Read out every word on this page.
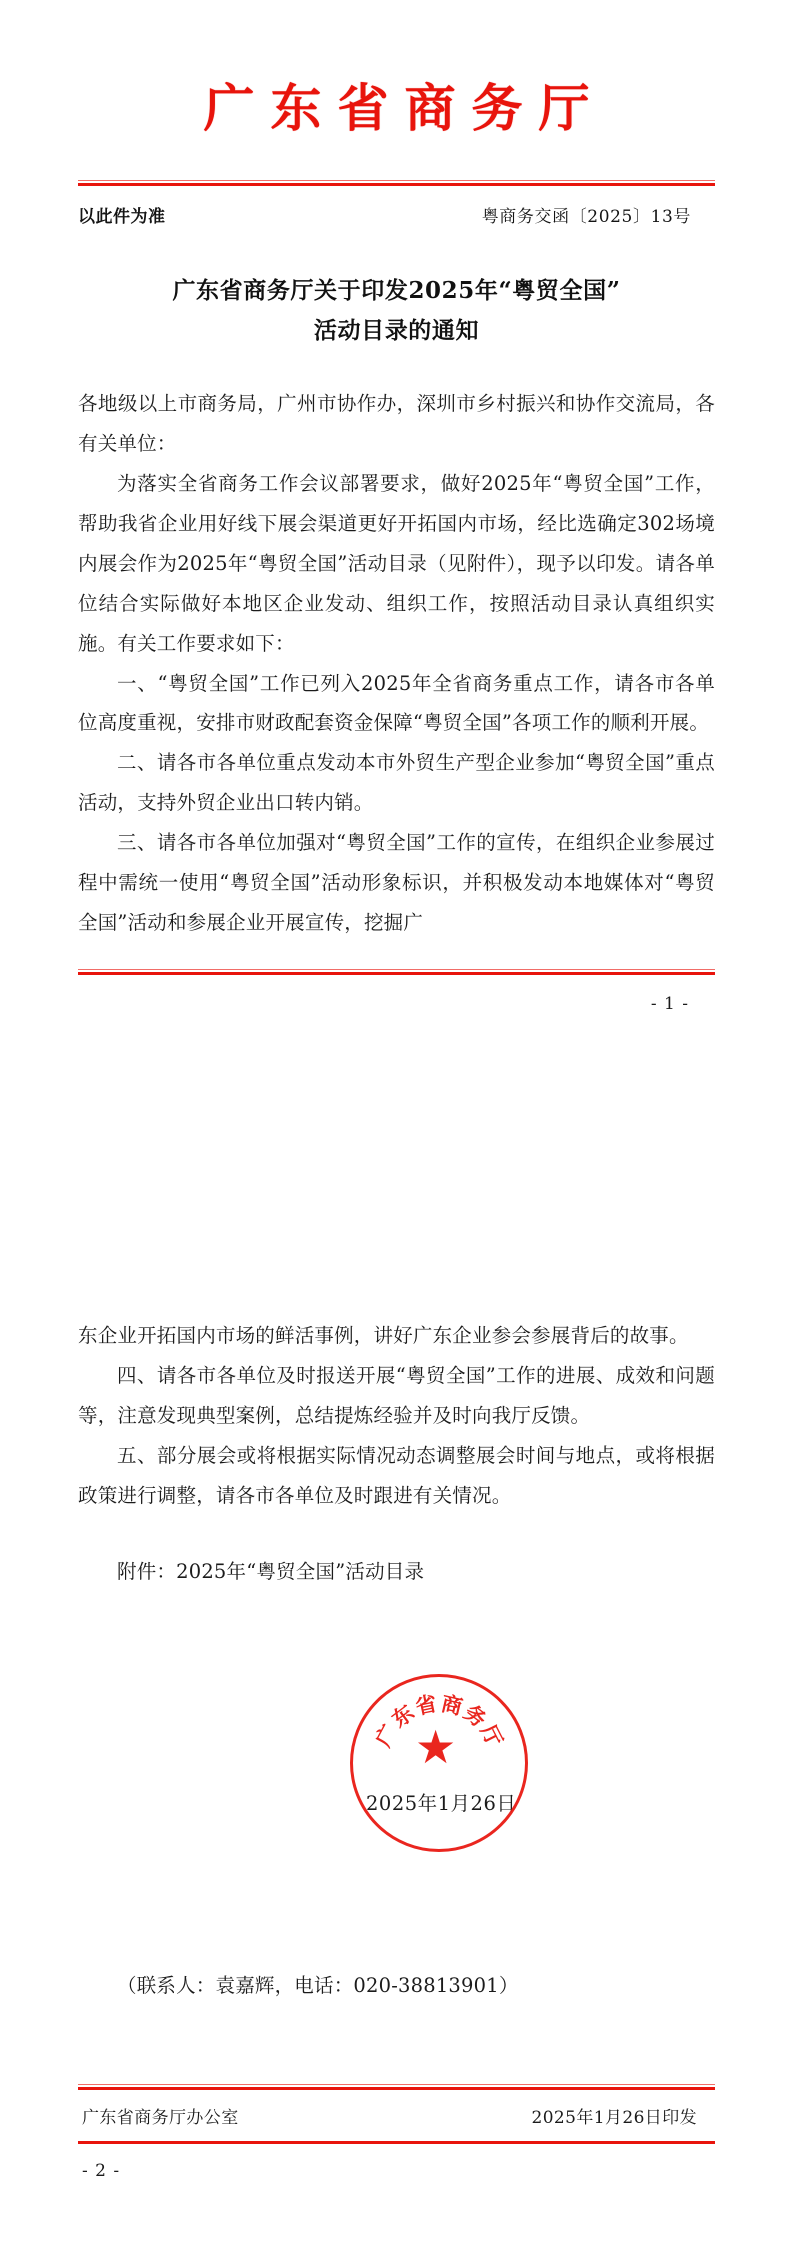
广东省商务厅
以此件为准	粤商务交函〔2025〕13号
广东省商务厅关于印发2025年“粤贸全国”
活动目录的通知

各地级以上市商务局，广州市协作办，深圳市乡村振兴和协作交流局，各有关单位：

为落实全省商务工作会议部署要求，做好2025年“粤贸全国”工作，帮助我省企业用好线下展会渠道更好开拓国内市场，经比选确定302场境内展会作为2025年“粤贸全国”活动目录（见附件），现予以印发。请各单位结合实际做好本地区企业发动、组织工作，按照活动目录认真组织实施。有关工作要求如下：

一、“粤贸全国”工作已列入2025年全省商务重点工作，请各市各单位高度重视，安排市财政配套资金保障“粤贸全国”各项工作的顺利开展。

二、请各市各单位重点发动本市外贸生产型企业参加“粤贸全国”重点活动，支持外贸企业出口转内销。

三、请各市各单位加强对“粤贸全国”工作的宣传，在组织企业参展过程中需统一使用“粤贸全国”活动形象标识，并积极发动本地媒体对“粤贸全国”活动和参展企业开展宣传，挖掘广

- 1 -

东企业开拓国内市场的鲜活事例，讲好广东企业参会参展背后的故事。

四、请各市各单位及时报送开展“粤贸全国”工作的进展、成效和问题等，注意发现典型案例，总结提炼经验并及时向我厅反馈。

五、部分展会或将根据实际情况动态调整展会时间与地点，或将根据政策进行调整，请各市各单位及时跟进有关情况。

附件：2025年“粤贸全国”活动目录

2025年1月26日
广
东
省 商
务
厅
★
（联系人：袁嘉辉，电话：020-38813901）
广东省商务厅办公室	2025年1月26日印发
- 2 -
